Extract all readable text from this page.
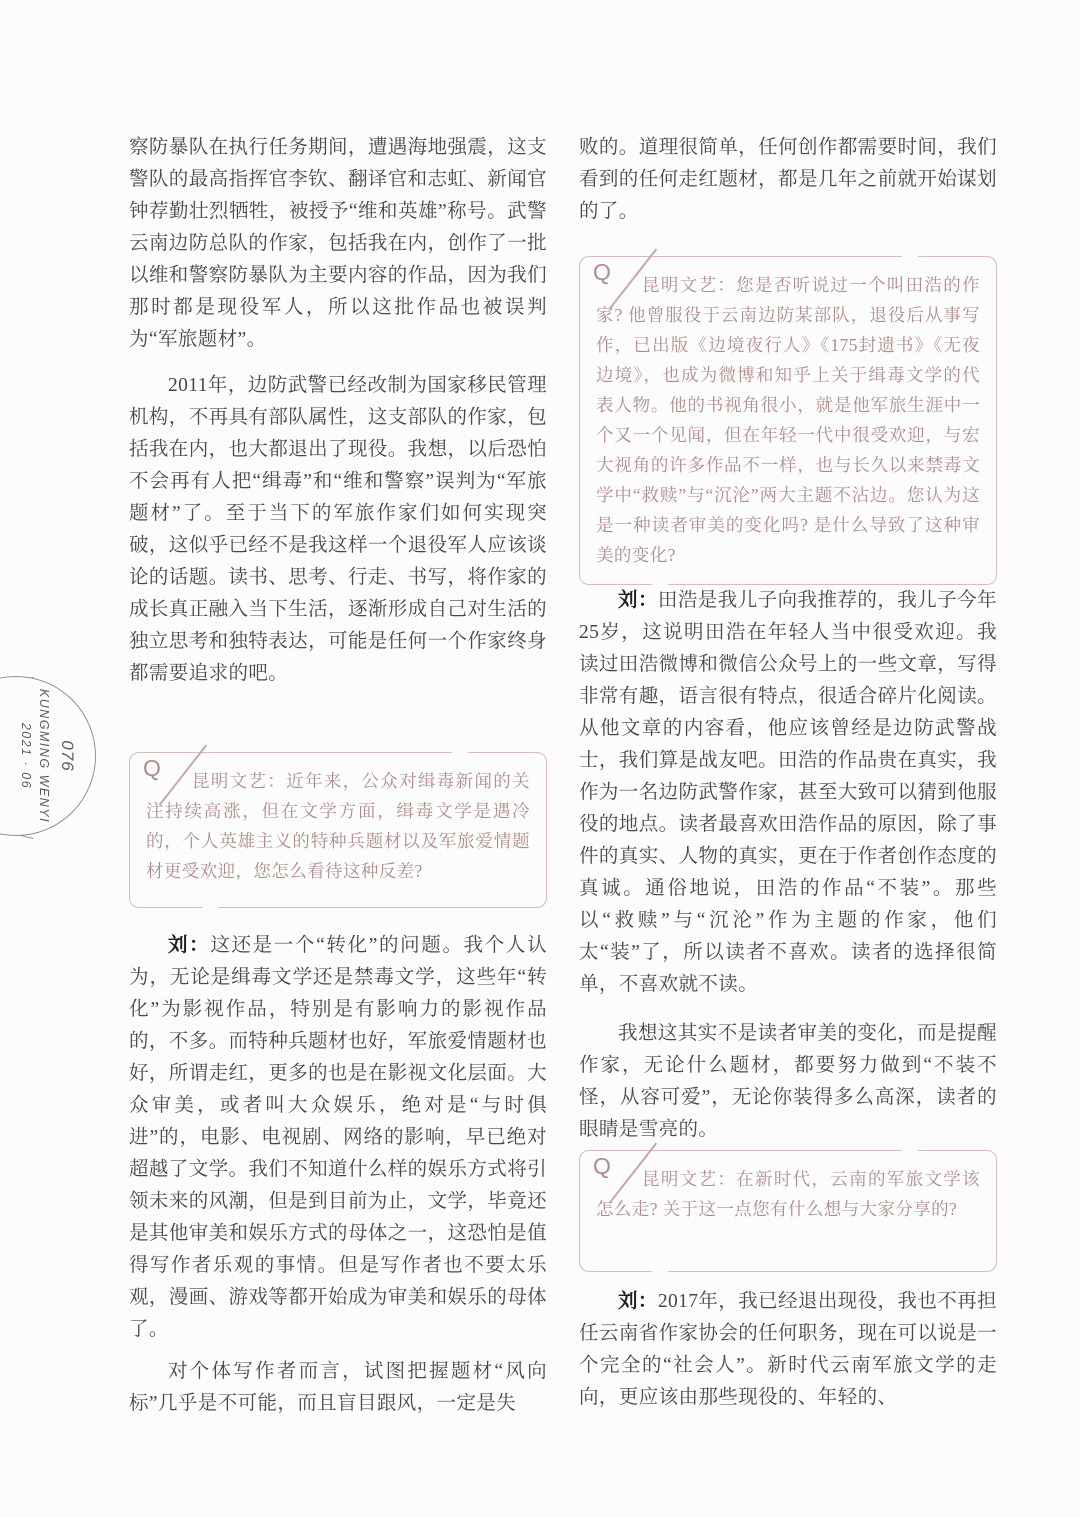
076
KUNGMING WENYI
2021 · 06

察防暴队在执行任务期间，遭遇海地强震，这支警队的最高指挥官李钦、翻译官和志虹、新闻官钟荐勤壮烈牺牲，被授予“维和英雄”称号。武警云南边防总队的作家，包括我在内，创作了一批以维和警察防暴队为主要内容的作品，因为我们那时都是现役军人，所以这批作品也被误判为“军旅题材”。

2011年，边防武警已经改制为国家移民管理机构，不再具有部队属性，这支部队的作家，包括我在内，也大都退出了现役。我想，以后恐怕不会再有人把“缉毒”和“维和警察”误判为“军旅题材”了。至于当下的军旅作家们如何实现突破，这似乎已经不是我这样一个退役军人应该谈论的话题。读书、思考、行走、书写，将作家的成长真正融入当下生活，逐渐形成自己对生活的独立思考和独特表达，可能是任何一个作家终身都需要追求的吧。

Q	昆明文艺：近年来，公众对缉毒新闻的关注持续高涨，但在文学方面，缉毒文学是遇冷的，个人英雄主义的特种兵题材以及军旅爱情题材更受欢迎，您怎么看待这种反差?

刘：这还是一个“转化”的问题。我个人认为，无论是缉毒文学还是禁毒文学，这些年“转化”为影视作品，特别是有影响力的影视作品的，不多。而特种兵题材也好，军旅爱情题材也好，所谓走红，更多的也是在影视文化层面。大众审美，或者叫大众娱乐，绝对是“与时俱进”的，电影、电视剧、网络的影响，早已绝对超越了文学。我们不知道什么样的娱乐方式将引领未来的风潮，但是到目前为止，文学，毕竟还是其他审美和娱乐方式的母体之一，这恐怕是值得写作者乐观的事情。但是写作者也不要太乐观，漫画、游戏等都开始成为审美和娱乐的母体了。

对个体写作者而言，试图把握题材“风向标”几乎是不可能，而且盲目跟风，一定是失

败的。道理很简单，任何创作都需要时间，我们看到的任何走红题材，都是几年之前就开始谋划的了。

Q	昆明文艺：您是否听说过一个叫田浩的作家? 他曾服役于云南边防某部队，退役后从事写作，已出版《边境夜行人》《175封遗书》《无夜边境》，也成为微博和知乎上关于缉毒文学的代表人物。他的书视角很小，就是他军旅生涯中一个又一个见闻，但在年轻一代中很受欢迎，与宏大视角的许多作品不一样，也与长久以来禁毒文学中“救赎”与“沉沦”两大主题不沾边。您认为这是一种读者审美的变化吗? 是什么导致了这种审美的变化?

刘：田浩是我儿子向我推荐的，我儿子今年25岁，这说明田浩在年轻人当中很受欢迎。我读过田浩微博和微信公众号上的一些文章，写得非常有趣，语言很有特点，很适合碎片化阅读。从他文章的内容看，他应该曾经是边防武警战士，我们算是战友吧。田浩的作品贵在真实，我作为一名边防武警作家，甚至大致可以猜到他服役的地点。读者最喜欢田浩作品的原因，除了事件的真实、人物的真实，更在于作者创作态度的真诚。通俗地说，田浩的作品“不装”。那些以“救赎”与“沉沦”作为主题的作家，他们太“装”了，所以读者不喜欢。读者的选择很简单，不喜欢就不读。

我想这其实不是读者审美的变化，而是提醒作家，无论什么题材，都要努力做到“不装不怪，从容可爱”，无论你装得多么高深，读者的眼睛是雪亮的。

Q	昆明文艺：在新时代，云南的军旅文学该怎么走? 关于这一点您有什么想与大家分享的?

刘：2017年，我已经退出现役，我也不再担任云南省作家协会的任何职务，现在可以说是一个完全的“社会人”。新时代云南军旅文学的走向，更应该由那些现役的、年轻的、
